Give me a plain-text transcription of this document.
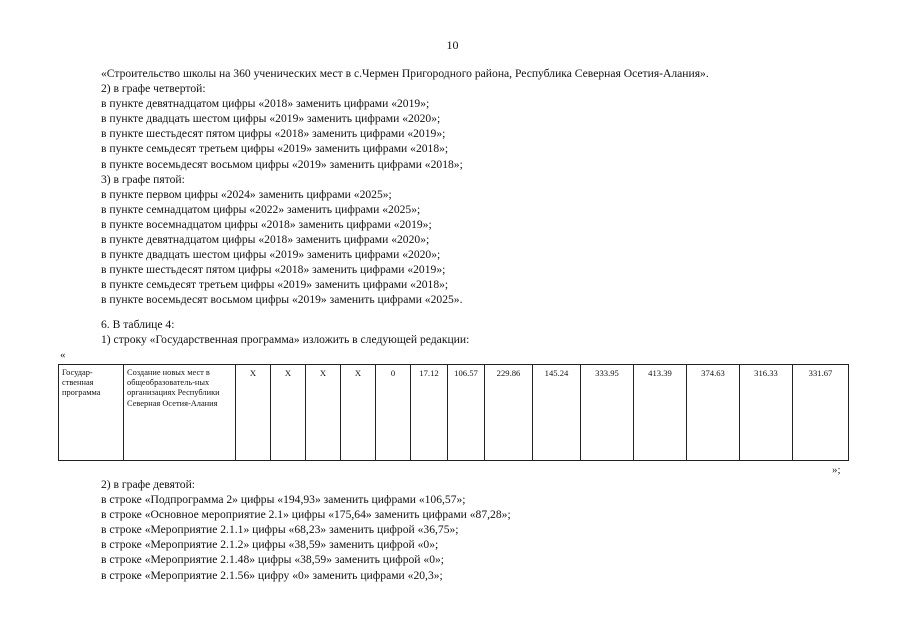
10
«Строительство школы на 360 ученических мест в с.Чермен Пригородного района, Республика Северная Осетия-Алания».
2) в графе четвертой:
в пункте девятнадцатом цифры «2018» заменить цифрами «2019»;
в пункте двадцать шестом цифры «2019» заменить цифрами «2020»;
в пункте шестьдесят пятом цифры «2018» заменить цифрами «2019»;
в пункте семьдесят третьем цифры «2019» заменить цифрами «2018»;
в пункте восемьдесят восьмом цифры «2019» заменить цифрами «2018»;
3) в графе пятой:
в пункте первом цифры «2024» заменить цифрами «2025»;
в пункте семнадцатом цифры «2022» заменить цифрами «2025»;
в пункте восемнадцатом цифры «2018» заменить цифрами «2019»;
в пункте девятнадцатом цифры «2018» заменить цифрами «2020»;
в пункте двадцать шестом цифры «2019» заменить цифрами «2020»;
в пункте шестьдесят пятом цифры «2018» заменить цифрами «2019»;
в пункте семьдесят третьем цифры «2019» заменить цифрами «2018»;
в пункте восемьдесят восьмом цифры «2019» заменить цифрами «2025».
6. В таблице 4:
1) строку «Государственная программа» изложить в следующей редакции:
«
Государ-ственная программа	Создание новых мест в общеобразователь-ных организациях Республики Северная Осетия-Алания	Х	Х	Х	Х	0	17.12	106.57	229.86	145.24	333.95	413.39	374.63	316.33	331.67
»;
2) в графе девятой:
в строке «Подпрограмма 2» цифры «194,93» заменить цифрами «106,57»;
в строке «Основное мероприятие 2.1» цифры «175,64» заменить цифрами «87,28»;
в строке «Мероприятие 2.1.1» цифры «68,23» заменить цифрой «36,75»;
в строке «Мероприятие 2.1.2» цифры «38,59» заменить цифрой «0»;
в строке «Мероприятие 2.1.48» цифры «38,59» заменить цифрой «0»;
в строке «Мероприятие 2.1.56» цифру «0» заменить цифрами «20,3»;
